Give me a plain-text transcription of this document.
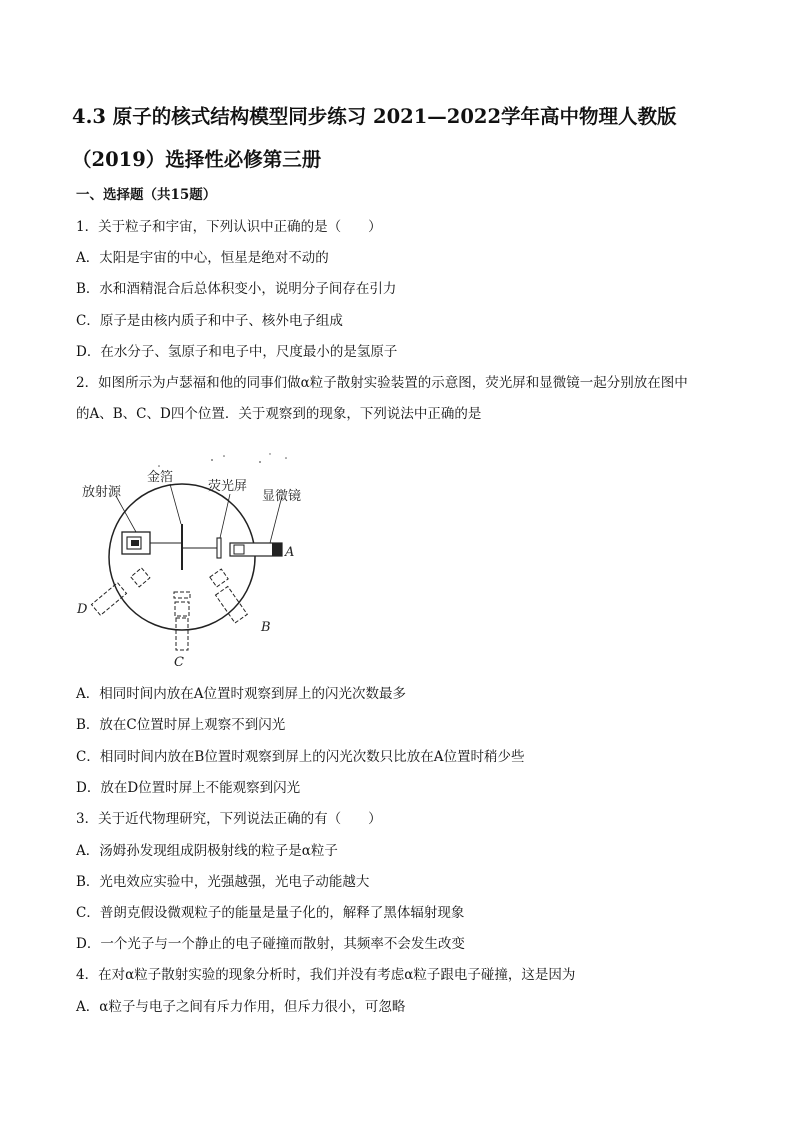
4.3 原子的核式结构模型同步练习 2021—2022学年高中物理人教版
（2019）选择性必修第三册
一、选择题（共15题）
1．关于粒子和宇宙，下列认识中正确的是（　　）
A．太阳是宇宙的中心，恒星是绝对不动的
B．水和酒精混合后总体积变小，说明分子间存在引力
C．原子是由核内质子和中子、核外电子组成
D．在水分子、氢原子和电子中，尺度最小的是氢原子
2．如图所示为卢瑟福和他的同事们做α粒子散射实验装置的示意图，荧光屏和显微镜一起分别放在图中
的A、B、C、D四个位置．关于观察到的现象，下列说法中正确的是
放射源
金箔
荧光屏
显微镜
A
B
C
D
A．相同时间内放在A位置时观察到屏上的闪光次数最多
B．放在C位置时屏上观察不到闪光
C．相同时间内放在B位置时观察到屏上的闪光次数只比放在A位置时稍少些
D．放在D位置时屏上不能观察到闪光
3．关于近代物理研究，下列说法正确的有（　　）
A．汤姆孙发现组成阴极射线的粒子是α粒子
B．光电效应实验中，光强越强，光电子动能越大
C．普朗克假设微观粒子的能量是量子化的，解释了黑体辐射现象
D．一个光子与一个静止的电子碰撞而散射，其频率不会发生改变
4．在对α粒子散射实验的现象分析时，我们并没有考虑α粒子跟电子碰撞，这是因为
A．α粒子与电子之间有斥力作用，但斥力很小，可忽略
